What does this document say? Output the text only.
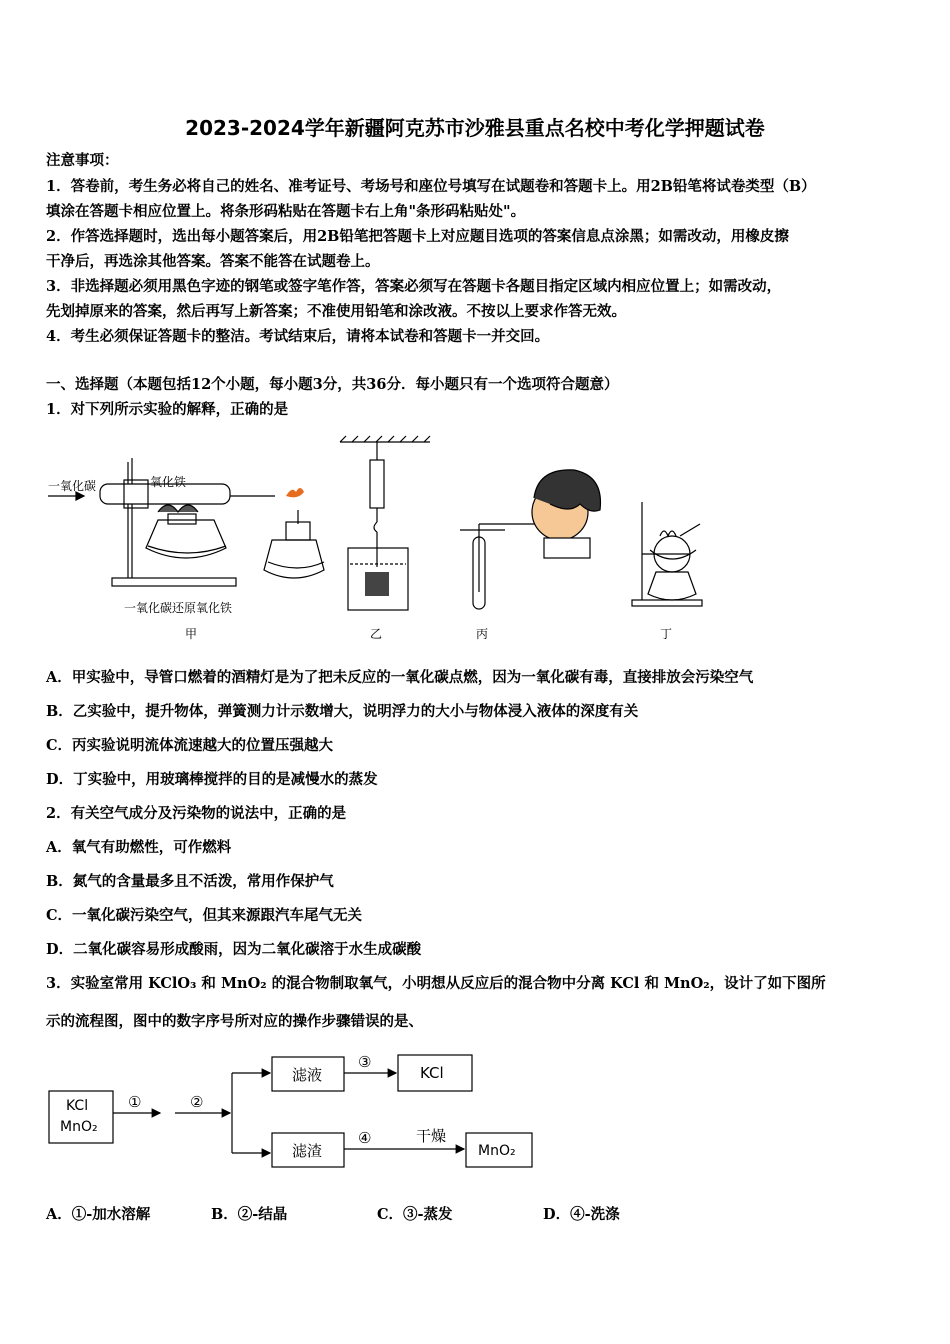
2023-2024学年新疆阿克苏市沙雅县重点名校中考化学押题试卷
注意事项：
1．答卷前，考生务必将自己的姓名、准考证号、考场号和座位号填写在试题卷和答题卡上。用2B铅笔将试卷类型（B）
填涂在答题卡相应位置上。将条形码粘贴在答题卡右上角"条形码粘贴处"。
2．作答选择题时，选出每小题答案后，用2B铅笔把答题卡上对应题目选项的答案信息点涂黑；如需改动，用橡皮擦
干净后，再选涂其他答案。答案不能答在试题卷上。
3．非选择题必须用黑色字迹的钢笔或签字笔作答，答案必须写在答题卡各题目指定区域内相应位置上；如需改动，
先划掉原来的答案，然后再写上新答案；不准使用铅笔和涂改液。不按以上要求作答无效。
4．考生必须保证答题卡的整洁。考试结束后，请将本试卷和答题卡一并交回。
一、选择题（本题包括12个小题，每小题3分，共36分．每小题只有一个选项符合题意）
1．对下列所示实验的解释，正确的是
一氧化碳	氧化铁
一氧化碳还原氧化铁
甲	乙	丙	丁
A．甲实验中，导管口燃着的酒精灯是为了把未反应的一氧化碳点燃，因为一氧化碳有毒，直接排放会污染空气
B．乙实验中，提升物体，弹簧测力计示数增大，说明浮力的大小与物体浸入液体的深度有关
C．丙实验说明流体流速越大的位置压强越大
D．丁实验中，用玻璃棒搅拌的目的是减慢水的蒸发
2．有关空气成分及污染物的说法中，正确的是
A．氧气有助燃性，可作燃料
B．氮气的含量最多且不活泼，常用作保护气
C．一氧化碳污染空气，但其来源跟汽车尾气无关
D．二氧化碳容易形成酸雨，因为二氧化碳溶于水生成碳酸
3．实验室常用 KClO₃ 和 MnO₂ 的混合物制取氧气，小明想从反应后的混合物中分离 KCl 和 MnO₂，设计了如下图所
示的流程图，图中的数字序号所对应的操作步骤错误的是、
KCl
MnO₂
①	②
滤液
③
KCl
滤渣
④	干燥
MnO₂
A．①-加水溶解	B．②-结晶	C．③-蒸发	D．④-洗涤
